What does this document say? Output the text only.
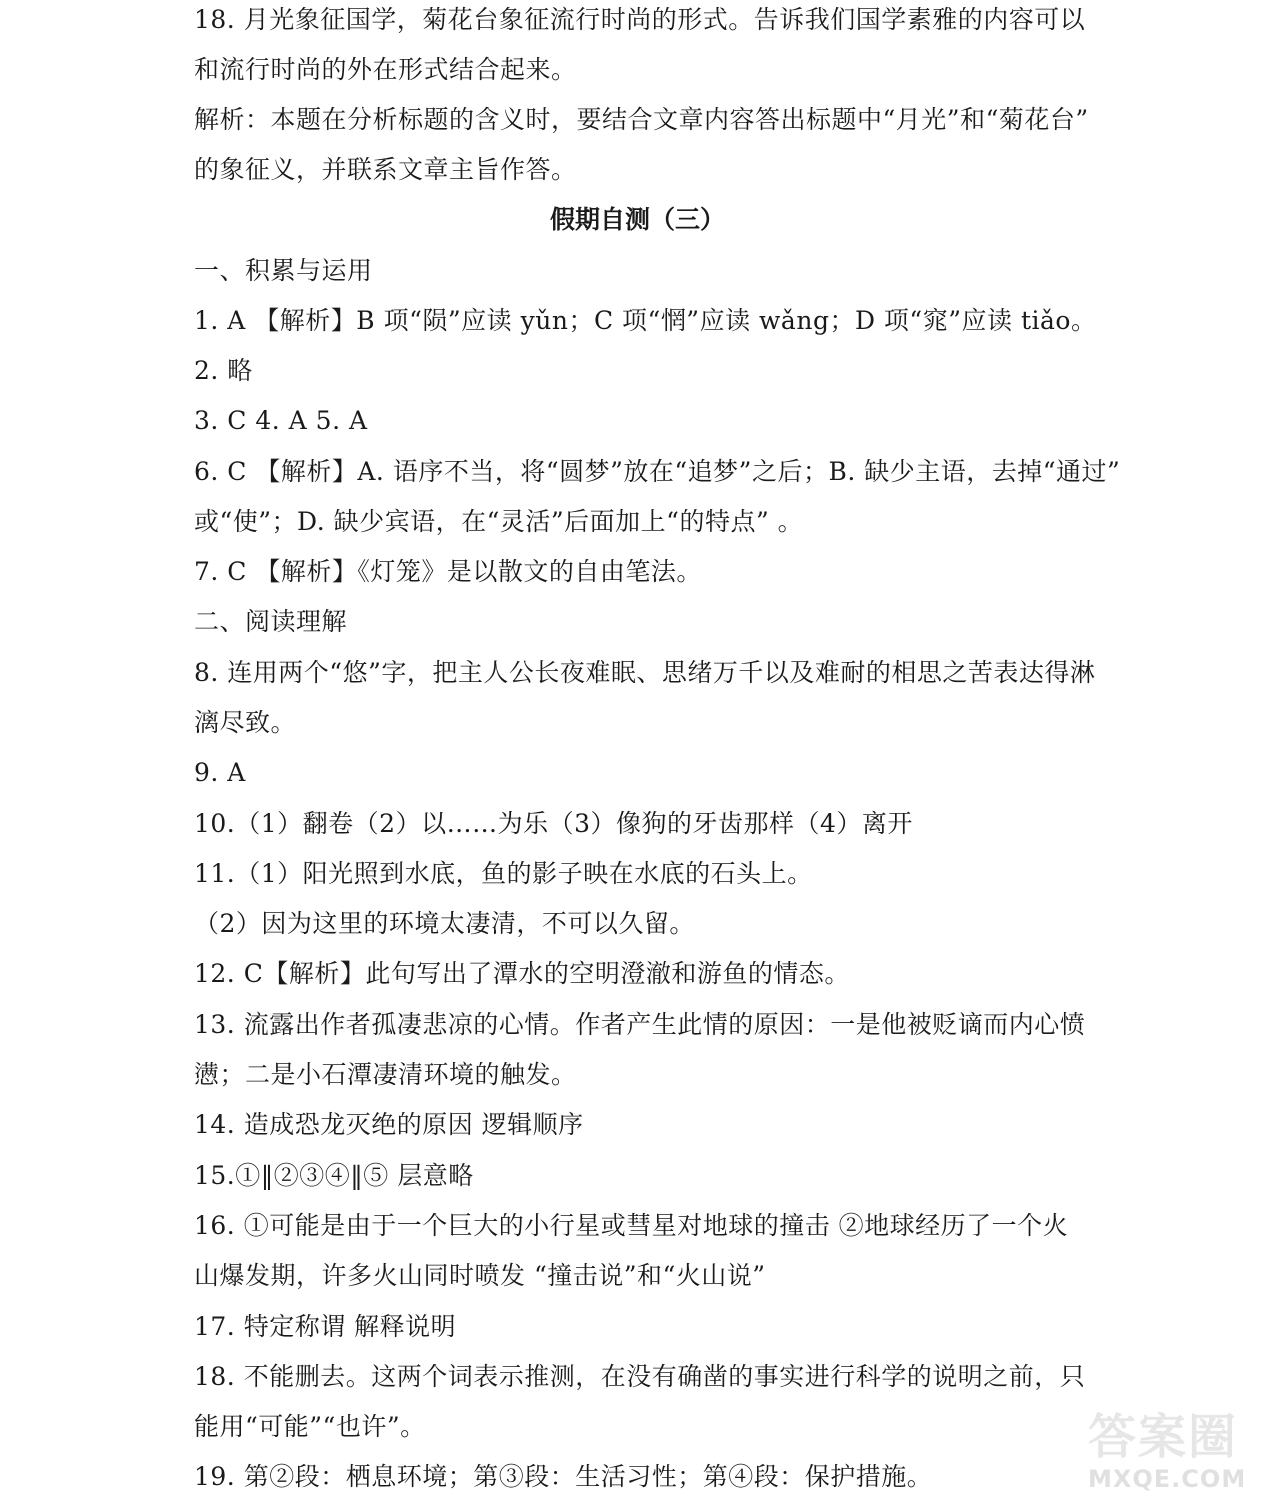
18. 月光象征国学，菊花台象征流行时尚的形式。告诉我们国学素雅的内容可以
和流行时尚的外在形式结合起来。
解析：本题在分析标题的含义时，要结合文章内容答出标题中“月光”和“菊花台”
的象征义，并联系文章主旨作答。
假期自测（三）
一、积累与运用
1. A 【解析】B 项“陨”应读 yǔn；C 项“惘”应读 wǎng；D 项“窕”应读 tiǎo。
2. 略
3. C 4. A 5. A
6. C 【解析】A. 语序不当，将“圆梦”放在“追梦”之后；B. 缺少主语，去掉“通过”
或“使”；D. 缺少宾语，在“灵活”后面加上“的特点” 。
7. C 【解析】《灯笼》是以散文的自由笔法。
二、阅读理解
8. 连用两个“悠”字，把主人公长夜难眠、思绪万千以及难耐的相思之苦表达得淋
漓尽致。
9. A
10.（1）翻卷（2）以……为乐（3）像狗的牙齿那样（4）离开
11.（1）阳光照到水底，鱼的影子映在水底的石头上。
（2）因为这里的环境太凄清，不可以久留。
12. C【解析】此句写出了潭水的空明澄澈和游鱼的情态。
13. 流露出作者孤凄悲凉的心情。作者产生此情的原因：一是他被贬谪而内心愤
懑；二是小石潭凄清环境的触发。
14. 造成恐龙灭绝的原因 逻辑顺序
15.①‖②③④‖⑤ 层意略
16. ①可能是由于一个巨大的小行星或彗星对地球的撞击 ②地球经历了一个火
山爆发期，许多火山同时喷发 “撞击说”和“火山说”
17. 特定称谓 解释说明
18. 不能删去。这两个词表示推测，在没有确凿的事实进行科学的说明之前，只
能用“可能”“也许”。
19. 第②段：栖息环境；第③段：生活习性；第④段：保护措施。
答案圈
MXQE.COM
